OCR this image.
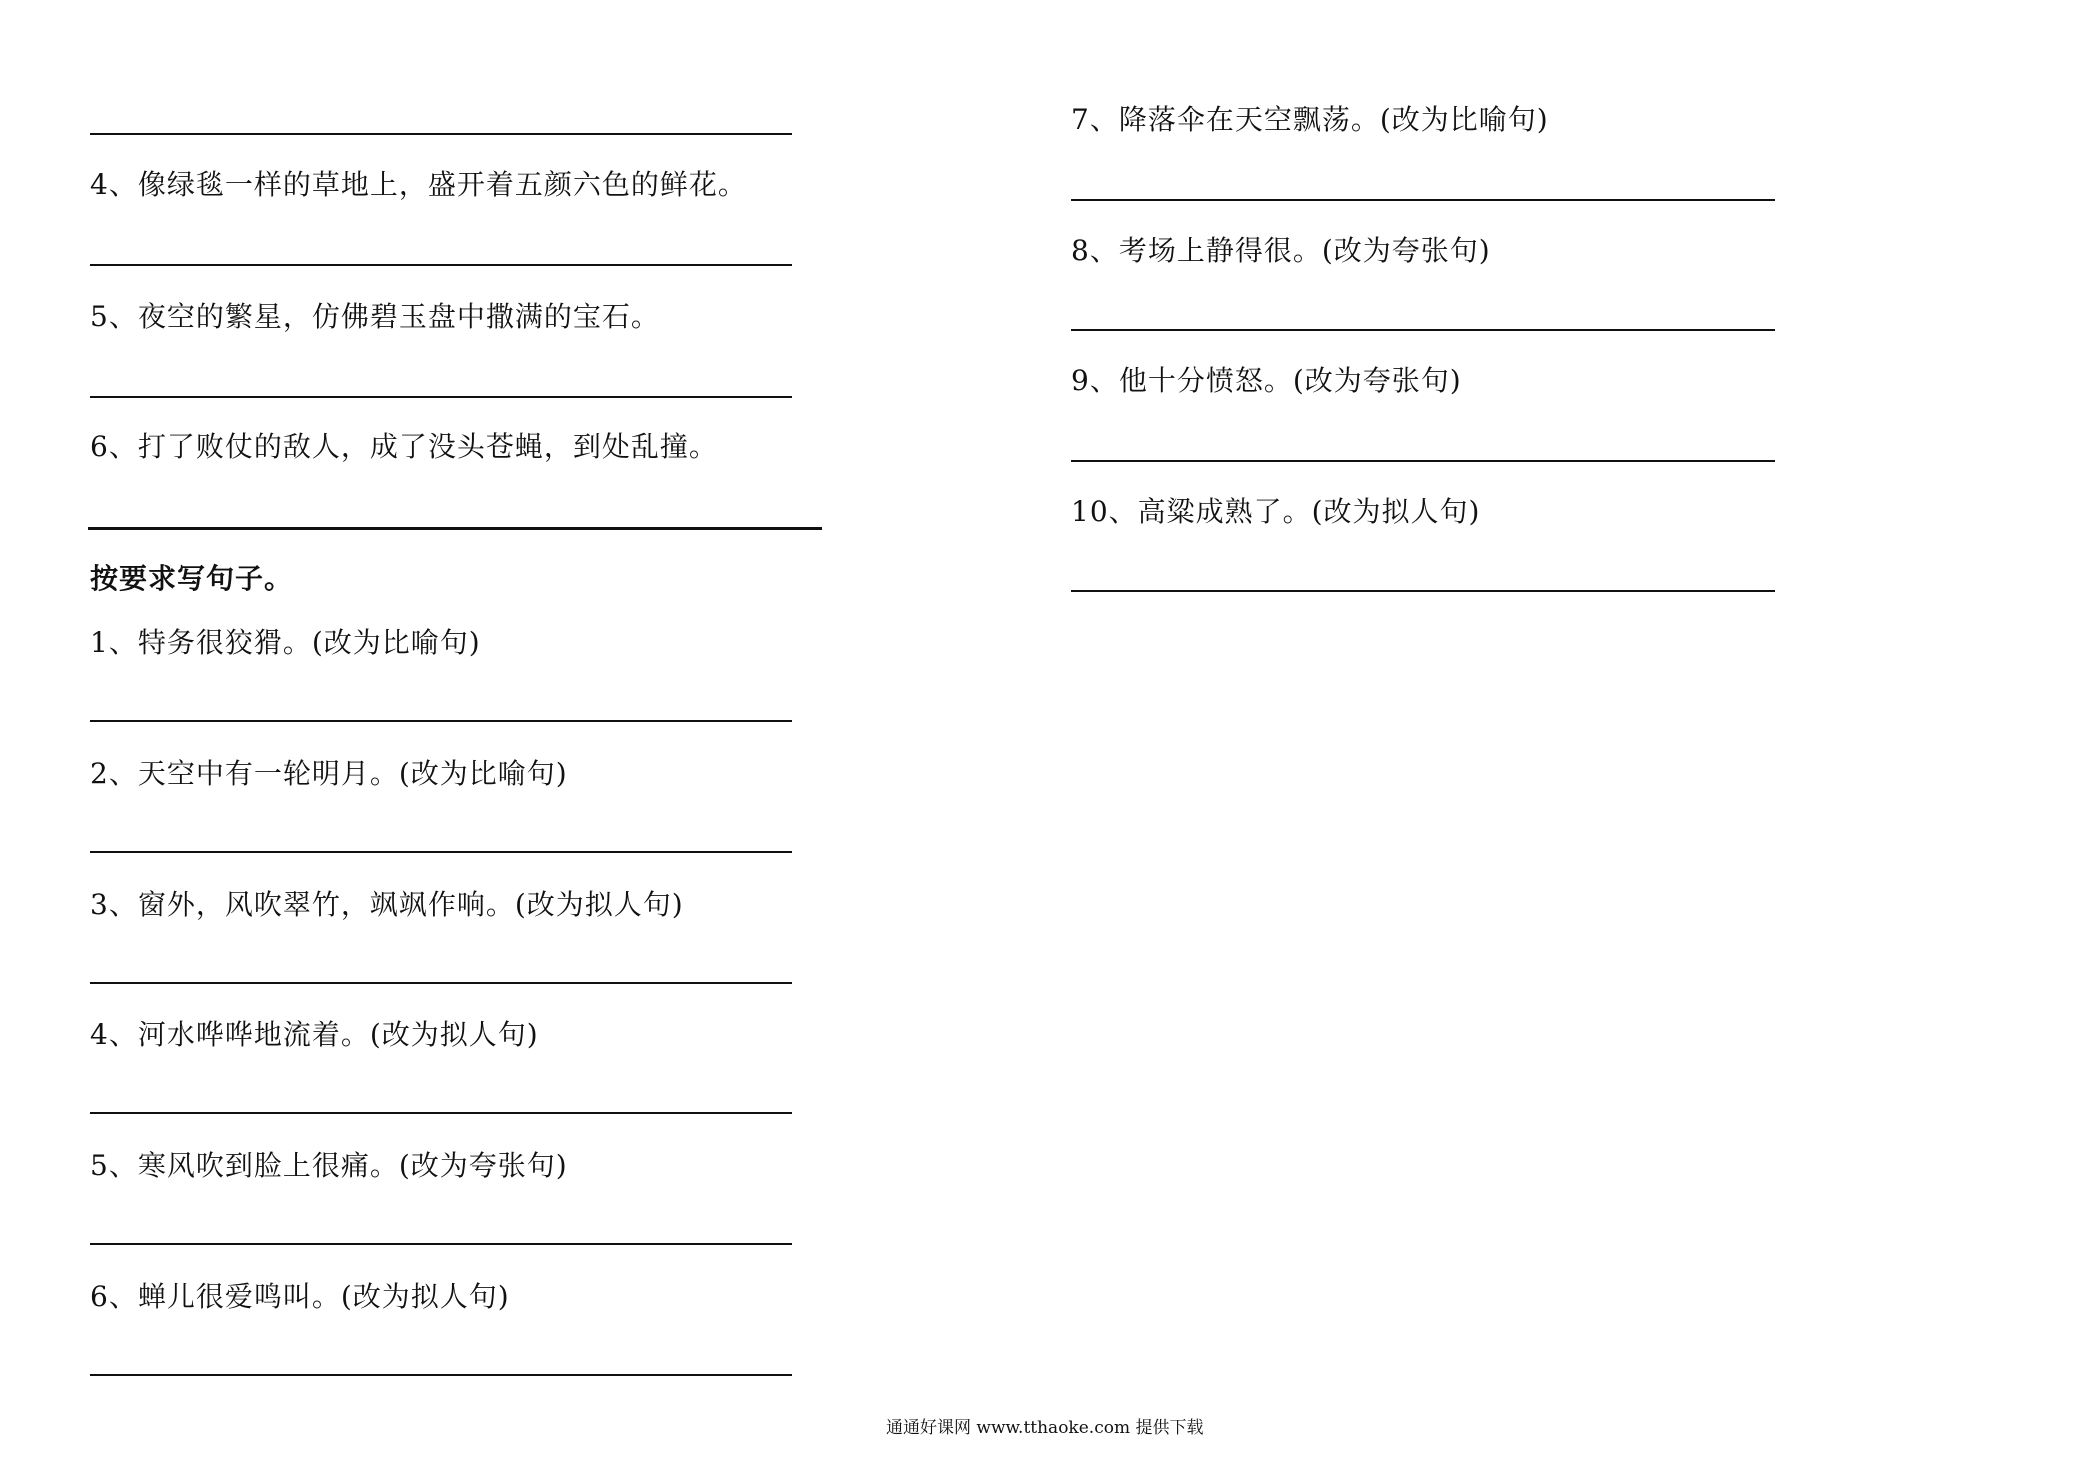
4、像绿毯一样的草地上，盛开着五颜六色的鲜花。
5、夜空的繁星，仿佛碧玉盘中撒满的宝石。
6、打了败仗的敌人，成了没头苍蝇，到处乱撞。
按要求写句子。
1、特务很狡猾。(改为比喻句)
2、天空中有一轮明月。(改为比喻句)
3、窗外，风吹翠竹，飒飒作响。(改为拟人句)
4、河水哗哗地流着。(改为拟人句)
5、寒风吹到脸上很痛。(改为夸张句)
6、蝉儿很爱鸣叫。(改为拟人句)
7、降落伞在天空飘荡。(改为比喻句)
8、考场上静得很。(改为夸张句)
9、他十分愤怒。(改为夸张句)
10、高粱成熟了。(改为拟人句)
通通好课网 www.tthaoke.com 提供下载
